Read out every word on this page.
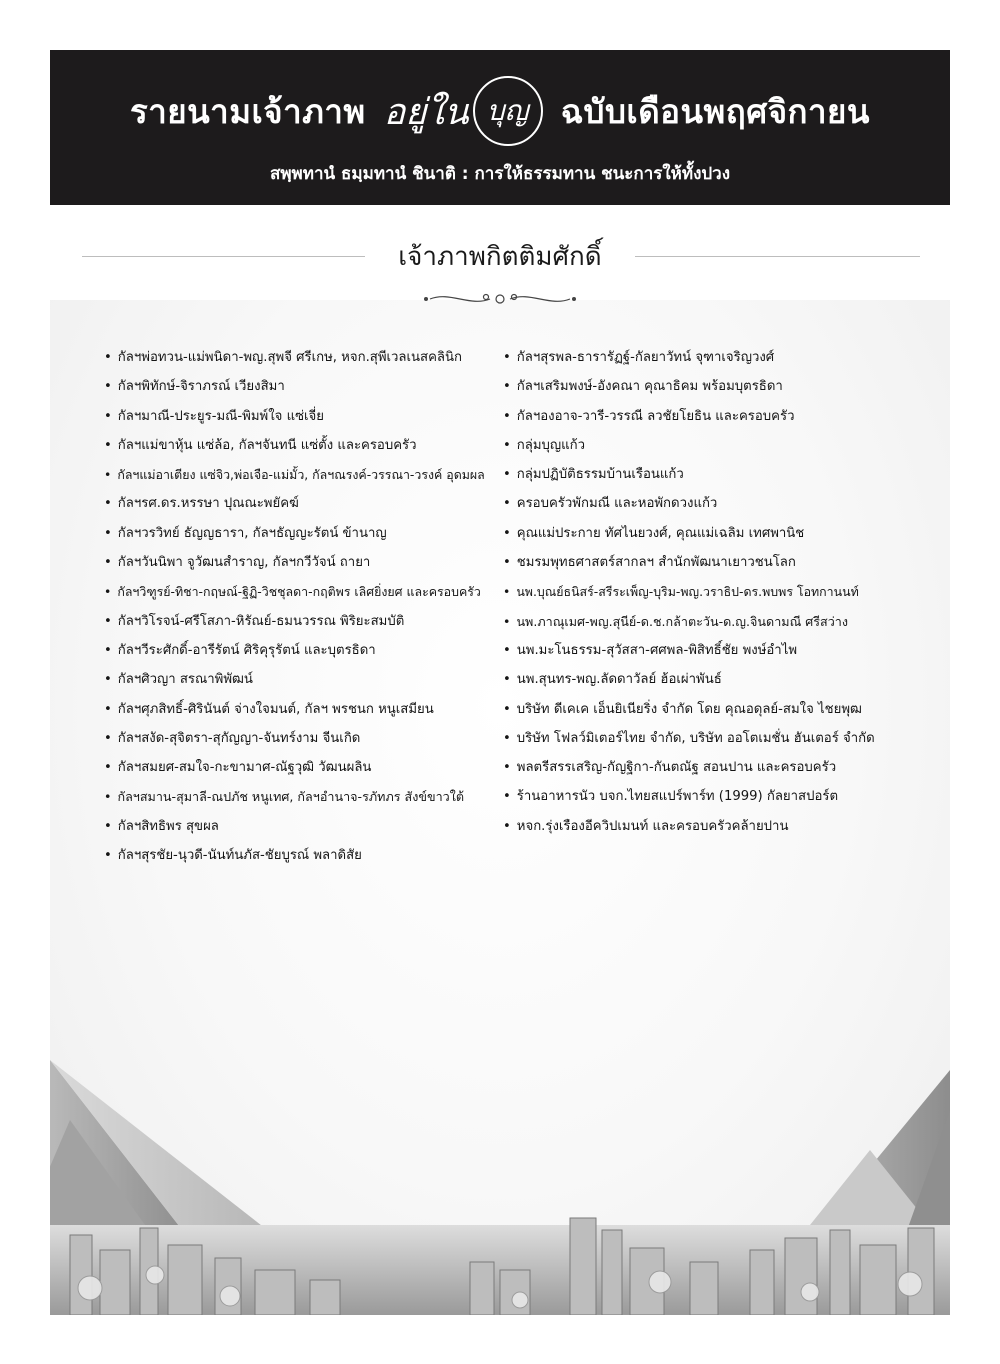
รายนามเจ้าภาพ อยู่ใน บุญ ฉบับเดือนพฤศจิกายน
สพฺพทานํ ธมฺมทานํ ชินาติ : การให้ธรรมทาน ชนะการให้ทั้งปวง
เจ้าภาพกิตติมศักดิ์
• กัลฯพ่อทวน-แม่พนิดา-พญ.สุพจี ศรีเกษ, หจก.สุพีเวลเนสคลินิก
• กัลฯพิทักษ์-จิราภรณ์ เวียงสิมา
• กัลฯมาณี-ประยูร-มณี-พิมพ์ใจ แซ่เจี่ย
• กัลฯแม่ขาหุ้น แซ่ล้อ, กัลฯจันทนี แซ่ตั้ง และครอบครัว
• กัลฯแม่อาเตียง แซ่จิว,พ่อเจือ-แม่มั้ว, กัลฯณรงค์-วรรณา-วรงค์ อุดมผล
• กัลฯรศ.ดร.หรรษา ปุณณะพยัคฆ์
• กัลฯวรวิทย์ ธัญญธารา, กัลฯธัญญะรัตน์ ข้านาญ
• กัลฯวันนิพา จูวัฒนสำราญ, กัลฯกวีวัจน์ ถายา
• กัลฯวิฑูรย์-ทิชา-กฤษณ์-ฐิฏิ-วิชชุลดา-กฤติพร เลิศยิ่งยศ และครอบครัว
• กัลฯวิโรจน์-ศรีโสภา-หิรัณย์-ธมนวรรณ พิริยะสมบัติ
• กัลฯวีระศักดิ์-อารีรัตน์ ศิริคุรุรัตน์ และบุตรธิดา
• กัลฯศิวญา สรณาพิพัฒน์
• กัลฯศุภสิทธิ์-ศิรินันต์ จ่างใจมนต์, กัลฯ พรชนก หนูเสมียน
• กัลฯสงัด-สุจิตรา-สุกัญญา-จันทร์งาม จีนเกิด
• กัลฯสมยศ-สมใจ-กะขามาศ-ณัฐวุฒิ วัฒนผลิน
• กัลฯสมาน-สุมาลี-ณปภัช หนูเทศ, กัลฯอำนาจ-รภัทภร สังข์ขาวใต้
• กัลฯสิทธิพร สุขผล
• กัลฯสุรชัย-นุวดี-นันท์นภัส-ชัยบูรณ์ พลาดิสัย
• กัลฯสุรพล-ธารารัฏฐ์-กัลยาวัทน์ จุฑาเจริญวงศ์
• กัลฯเสริมพงษ์-อังคณา คุณาธิคม พร้อมบุตรธิดา
• กัลฯองอาจ-วารี-วรรณี ลวชัยโยธิน และครอบครัว
• กลุ่มบุญแก้ว
• กลุ่มปฏิบัติธรรมบ้านเรือนแก้ว
• ครอบครัวพักมณี และหอพักดวงแก้ว
• คุณแม่ประกาย ทัศไนยวงศ์, คุณแม่เฉลิม เทศพานิช
• ชมรมพุทธศาสตร์สากลฯ สำนักพัฒนาเยาวชนโลก
• นพ.บุณย์ธนิสร์-สรีระเพ็ญ-บุริม-พญ.วราธิป-ดร.พบพร โอทกานนท์
• นพ.ภาณุเมศ-พญ.สุนีย์-ด.ช.กล้าตะวัน-ด.ญ.จินดามณี ศรีสว่าง
• นพ.มะโนธรรม-สุวัสสา-ศศพล-พิสิทธิ์ชัย พงษ์อำไพ
• นพ.สุนทร-พญ.ลัดดาวัลย์ ฮ้อเผ่าพันธ์
• บริษัท ดีเคเค เอ็นยิเนียริ่ง จำกัด โดย คุณอดุลย์-สมใจ ไชยพุฒ
• บริษัท โฟลว์มิเตอร์ไทย จำกัด, บริษัท ออโตเมชั่น ฮันเตอร์ จำกัด
• พลตรีสรรเสริญ-กัญฐิกา-กันตณัฐ สอนปาน และครอบครัว
• ร้านอาหารนัว บจก.ไทยสแปร์พาร์ท (1999) กัลยาสปอร์ต
• หจก.รุ่งเรืองอีควิปเมนท์ และครอบครัวคล้ายปาน
